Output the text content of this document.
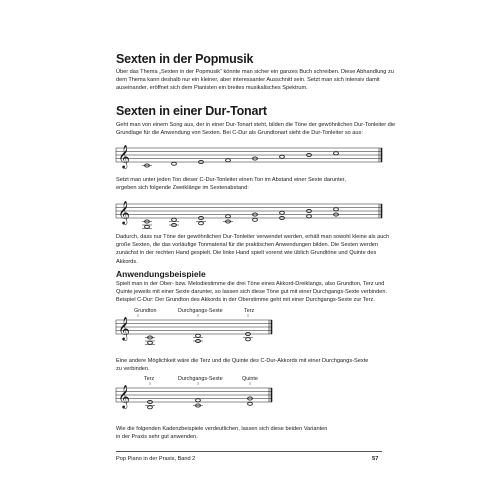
Sexten in der Popmusik

Über das Thema „Sexten in der Popmusik“ könnte man sicher ein ganzes Buch schreiben. Diese Abhandlung zu
dem Thema kann deshalb nur ein kleiner, aber interessanter Ausschnitt sein. Setzt man sich intensiv damit
auseinander, eröffnet sich dem Pianisten ein breites musikalisches Spektrum.

Sexten in einer Dur-Tonart

Geht man von einem Song aus, der in einer Dur-Tonart steht, bilden die Töne der gewöhnlichen Dur-Tonleiter die
Grundlage für die Anwendung von Sexten. Bei C-Dur als Grundtonart sieht die Dur-Tonleiter so aus:

𝄞

Setzt man unter jeden Ton dieser C-Dur-Tonleiter einen Ton im Abstand einer Sexte darunter,
ergeben sich folgende Zweiklänge im Sextenabstand:

𝄞

Dadurch, dass nur Töne der gewöhnlichen Dur-Tonleiter verwendet werden, erhält man sowohl kleine als auch
große Sexten, die das vorläufige Tonmaterial für die praktischen Anwendungen bilden. Die Sexten werden
zunächst in der rechten Hand gespielt. Die linke Hand spielt vorerst wie üblich Grundtöne und Quinte des
Akkords.

Anwendungsbeispiele

Spielt man in der Ober- bzw. Melodiestimme die drei Töne eines Akkord-Dreiklangs, also Grundton, Terz und
Quinte jeweils mit einer Sexte darunter, so lassen sich diese Töne gut mit einer Durchgangs-Sexte verbinden.
Beispiel C-Dur: Der Grundton des Akkords in der Oberstimme geht mit einer Durchgangs-Sexte zur Terz.

Grundton	Durchgangs-Sexte	Terz
𝄞

Eine andere Möglichkeit wäre die Terz und die Quinte des C-Dur-Akkords mit einer Durchgangs-Sexte
zu verbinden.

Terz	Durchgangs-Sexte	Quinte
𝄞

Wie die folgenden Kadenzbeispiele verdeutlichen, lassen sich diese beiden Varianten
in der Praxis sehr gut anwenden.

Pop Piano in der Praxis, Band 2	57
